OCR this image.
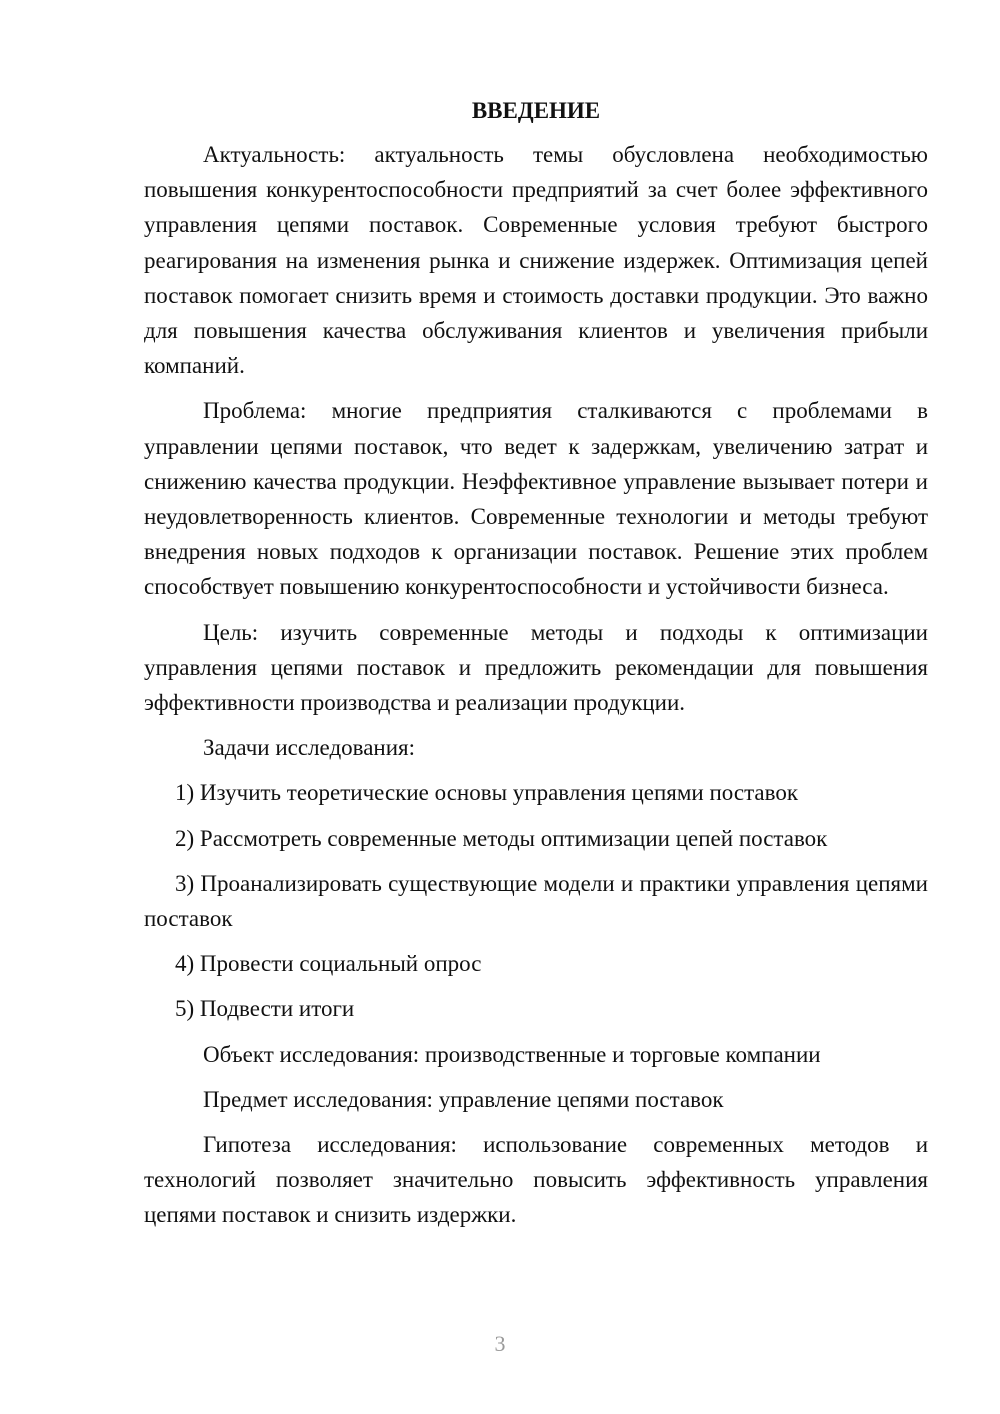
ВВЕДЕНИЕ

Актуальность: актуальность темы обусловлена необходимостью повышения конкурентоспособности предприятий за счет более эффективного управления цепями поставок. Современные условия требуют быстрого реагирования на изменения рынка и снижение издержек. Оптимизация цепей поставок помогает снизить время и стоимость доставки продукции. Это важно для повышения качества обслуживания клиентов и увеличения прибыли компаний.

Проблема: многие предприятия сталкиваются с проблемами в управлении цепями поставок, что ведет к задержкам, увеличению затрат и снижению качества продукции. Неэффективное управление вызывает потери и неудовлетворенность клиентов. Современные технологии и методы требуют внедрения новых подходов к организации поставок. Решение этих проблем способствует повышению конкурентоспособности и устойчивости бизнеса.

Цель: изучить современные методы и подходы к оптимизации управления цепями поставок и предложить рекомендации для повышения эффективности производства и реализации продукции.

Задачи исследования:

1) Изучить теоретические основы управления цепями поставок

2) Рассмотреть современные методы оптимизации цепей поставок

3) Проанализировать существующие модели и практики управления цепями поставок

4) Провести социальный опрос

5) Подвести итоги

Объект исследования: производственные и торговые компании

Предмет исследования: управление цепями поставок

Гипотеза исследования: использование современных методов и технологий позволяет значительно повысить эффективность управления цепями поставок и снизить издержки.

3
